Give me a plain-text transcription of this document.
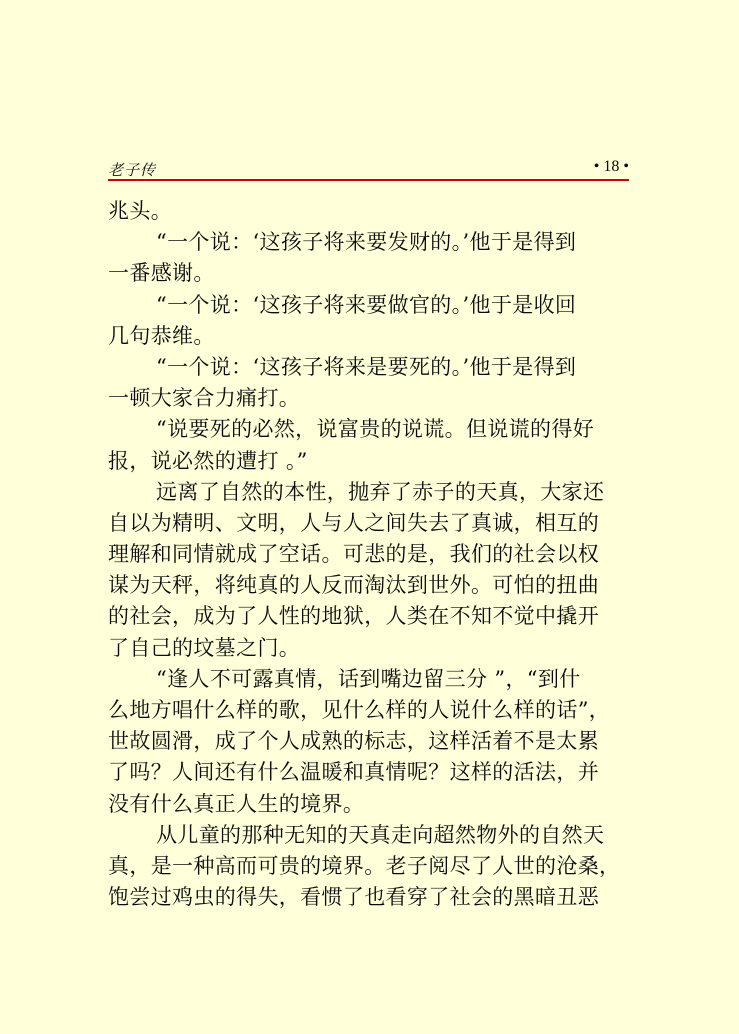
老子传	• 18 •
兆头。
“一个说：‘这孩子将来要发财的。’他于是得到
一番感谢。
“一个说：‘这孩子将来要做官的。’他于是收回
几句恭维。
“一个说：‘这孩子将来是要死的。’他于是得到
一顿大家合力痛打。
“说要死的必然，说富贵的说谎。但说谎的得好
报，说必然的遭打 。”
远离了自然的本性，抛弃了赤子的天真，大家还
自以为精明、文明，人与人之间失去了真诚，相互的
理解和同情就成了空话。可悲的是，我们的社会以权
谋为天秤，将纯真的人反而淘汰到世外。可怕的扭曲
的社会，成为了人性的地狱，人类在不知不觉中撬开
了自己的坟墓之门。
“逢人不可露真情，话到嘴边留三分 ”，“到什
么地方唱什么样的歌，见什么样的人说什么样的话”，
世故圆滑，成了个人成熟的标志，这样活着不是太累
了吗？人间还有什么温暖和真情呢？这样的活法，并
没有什么真正人生的境界。
从儿童的那种无知的天真走向超然物外的自然天
真，是一种高而可贵的境界。老子阅尽了人世的沧桑，
饱尝过鸡虫的得失，看惯了也看穿了社会的黑暗丑恶
